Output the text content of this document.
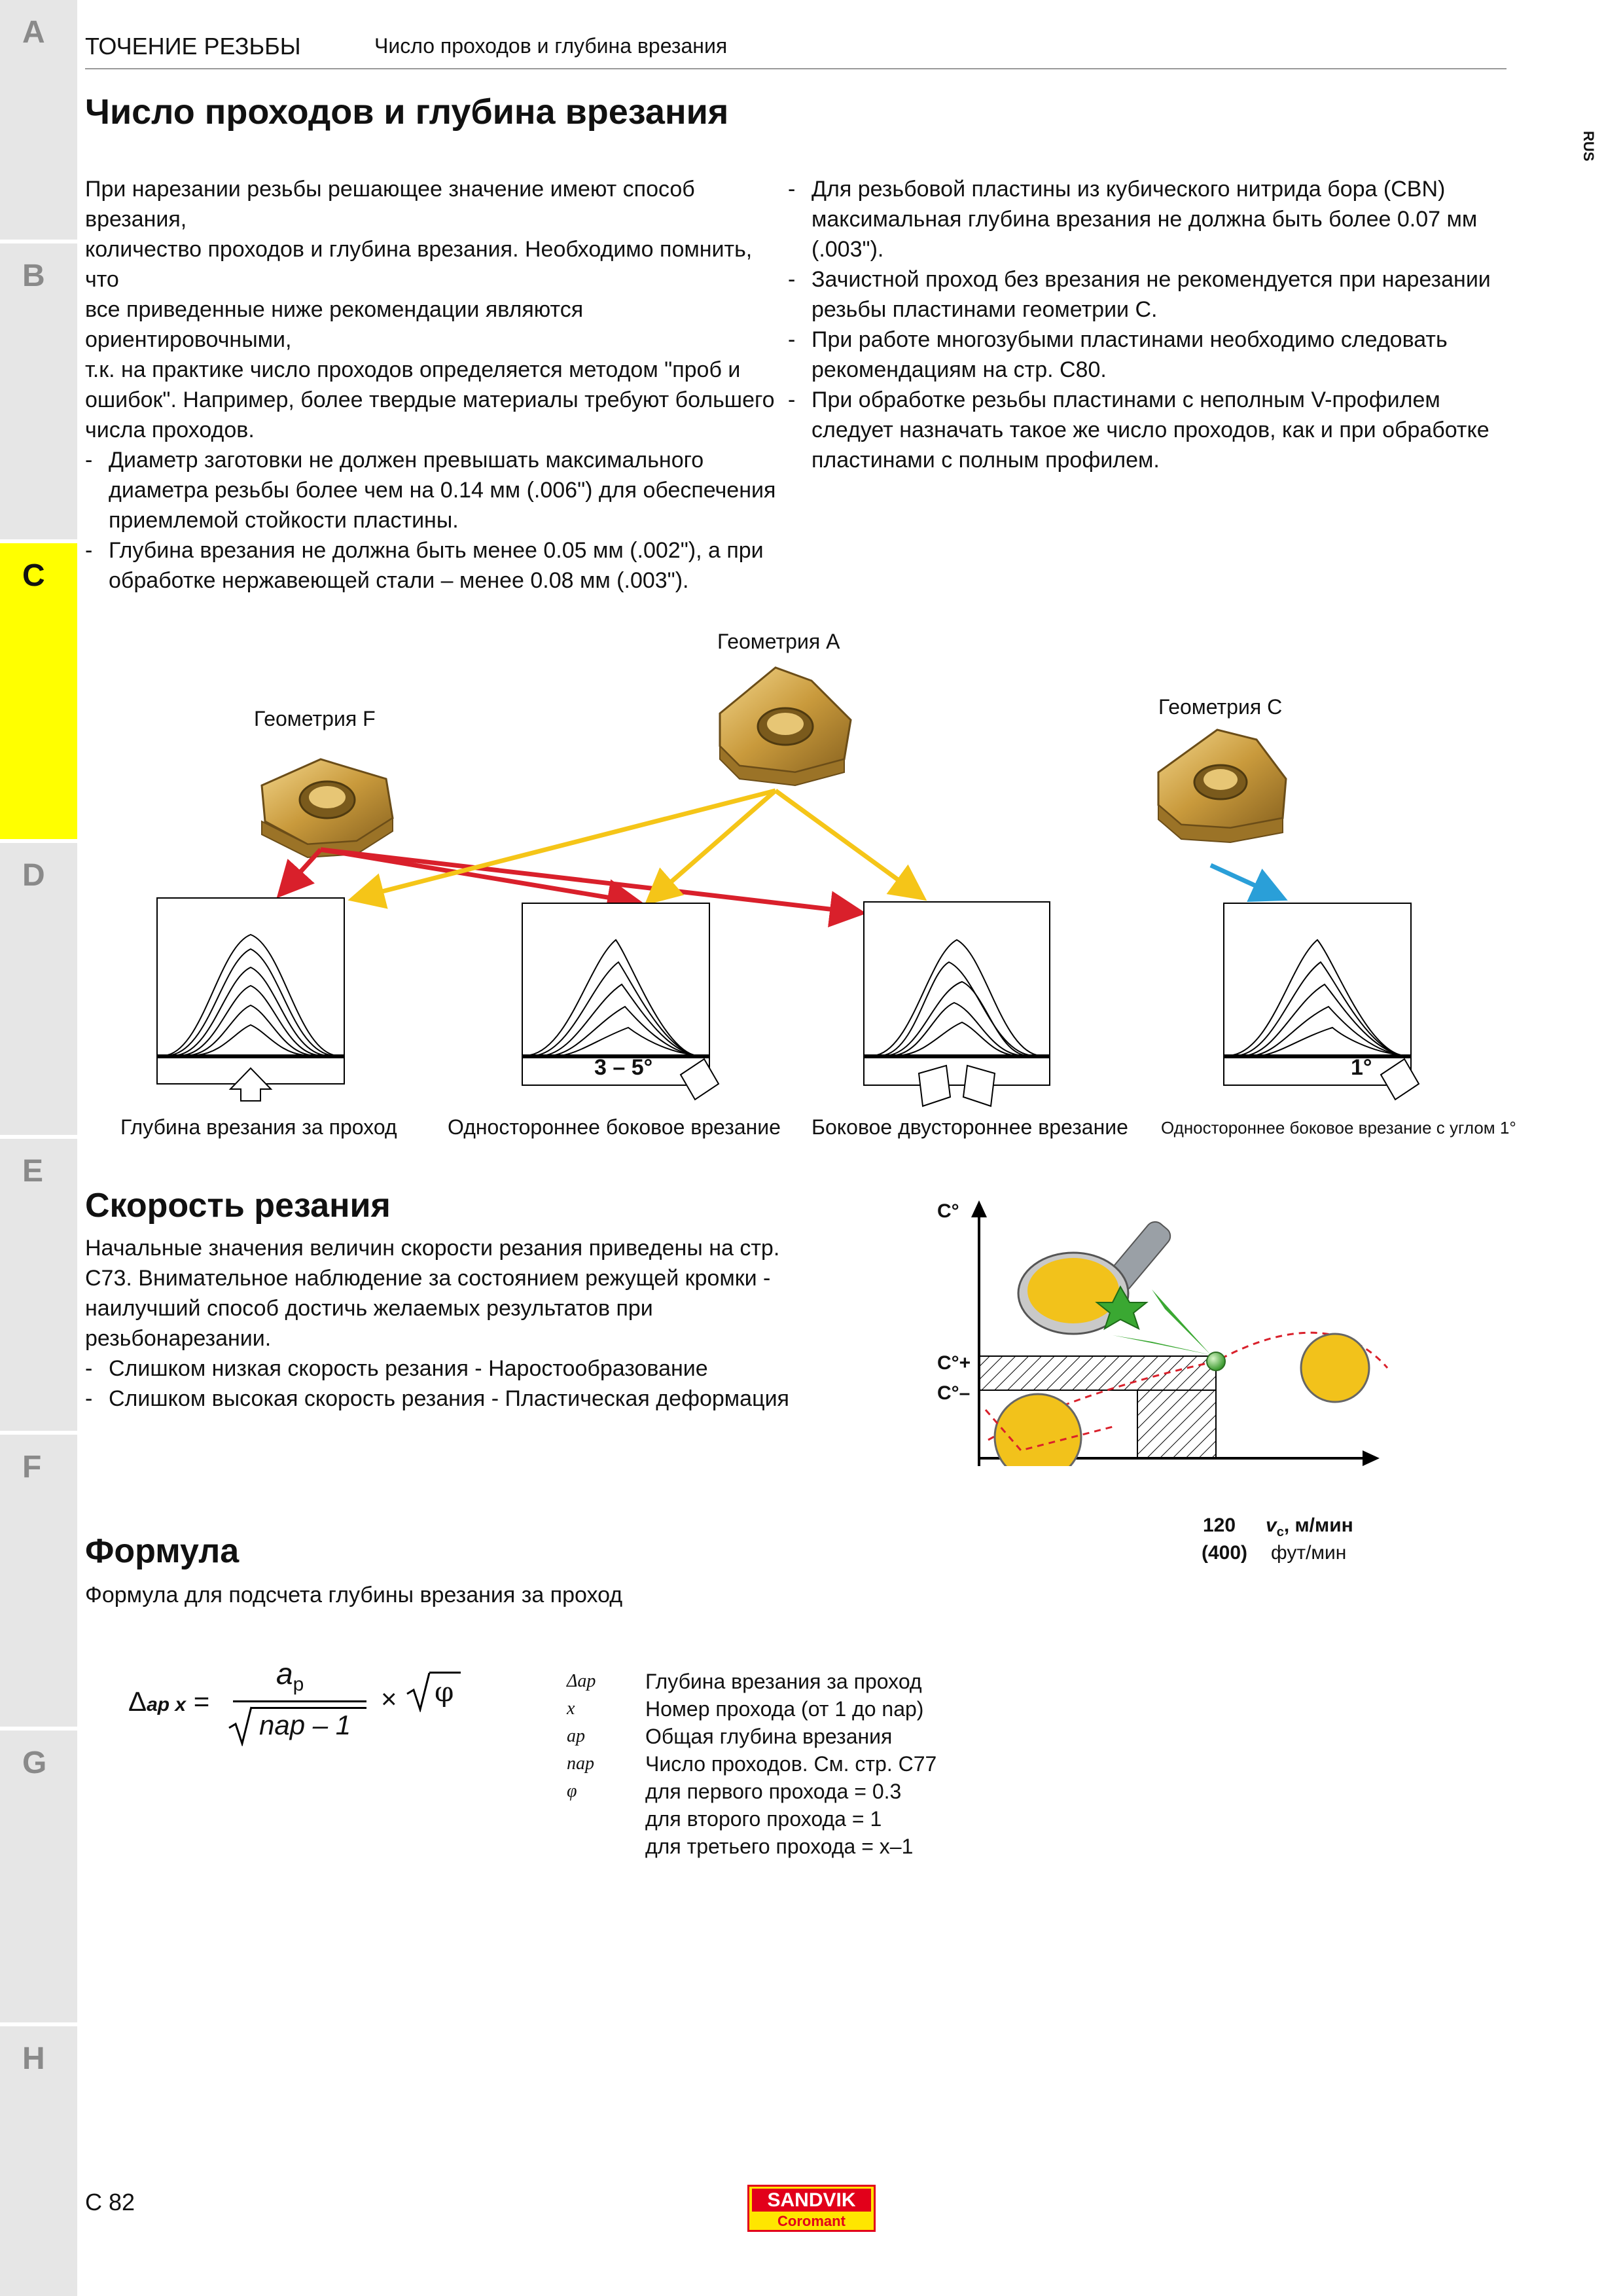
A
B
C
D
E
F
G
H
ТОЧЕНИЕ РЕЗЬБЫ	Число проходов и глубина врезания
RUS
Число проходов и глубина врезания
При нарезании резьбы решающее значение имеют способ врезания,
количество проходов и глубина врезания. Необходимо помнить, что
все приведенные ниже рекомендации являются ориентировочными,
т.к. на практике число проходов определяется методом "проб и
ошибок". Например, более твердые материалы требуют большего
числа проходов.
- Диаметр заготовки не должен превышать максимального
диаметра резьбы более чем на 0.14 мм (.006") для обеспечения
приемлемой стойкости пластины.
- Глубина врезания не должна быть менее 0.05 мм (.002"), а при
обработке нержавеющей стали – менее 0.08 мм (.003").
- Для резьбовой пластины из кубического нитрида бора (CBN)
максимальная глубина врезания не должна быть более 0.07 мм
(.003").
- Зачистной проход без врезания не рекомендуется при нарезании
резьбы пластинами геометрии C.
- При работе многозубыми пластинами необходимо следовать
рекомендациям на стр. C80.
- При обработке резьбы пластинами с неполным V-профилем
следует назначать такое же число проходов, как и при обработке
пластинами с полным профилем.
Геометрия F
Геометрия A
Геометрия C
3 – 5°	1°
Глубина врезания за проход Одностороннее боковое врезание Боковое двустороннее врезание Одностороннее боковое врезание с углом 1°
Скорость резания
Начальные значения величин скорости резания приведены на стр.
C73. Внимательное наблюдение за состоянием режущей кромки -
наилучший способ достичь желаемых результатов при
резьбонарезании.
- Слишком низкая скорость резания - Наростообразование
- Слишком высокая скорость резания - Пластическая деформация
C°
C°+
C°–
120
(400)
$v_c$, м/мин
фут/мин
Формула
Формула для подсчета глубины врезания за проход
Δap x =
$a_p$
nap – 1
× φ	Δap	Глубина врезания за проход
x	Номер прохода (от 1 до nap)
ap	Общая глубина врезания
nap	Число проходов. См. стр. C77
φ	для первого прохода = 0.3
для второго прохода = 1
для третьего прохода = x–1
C 82	SANDVIK
Coromant
